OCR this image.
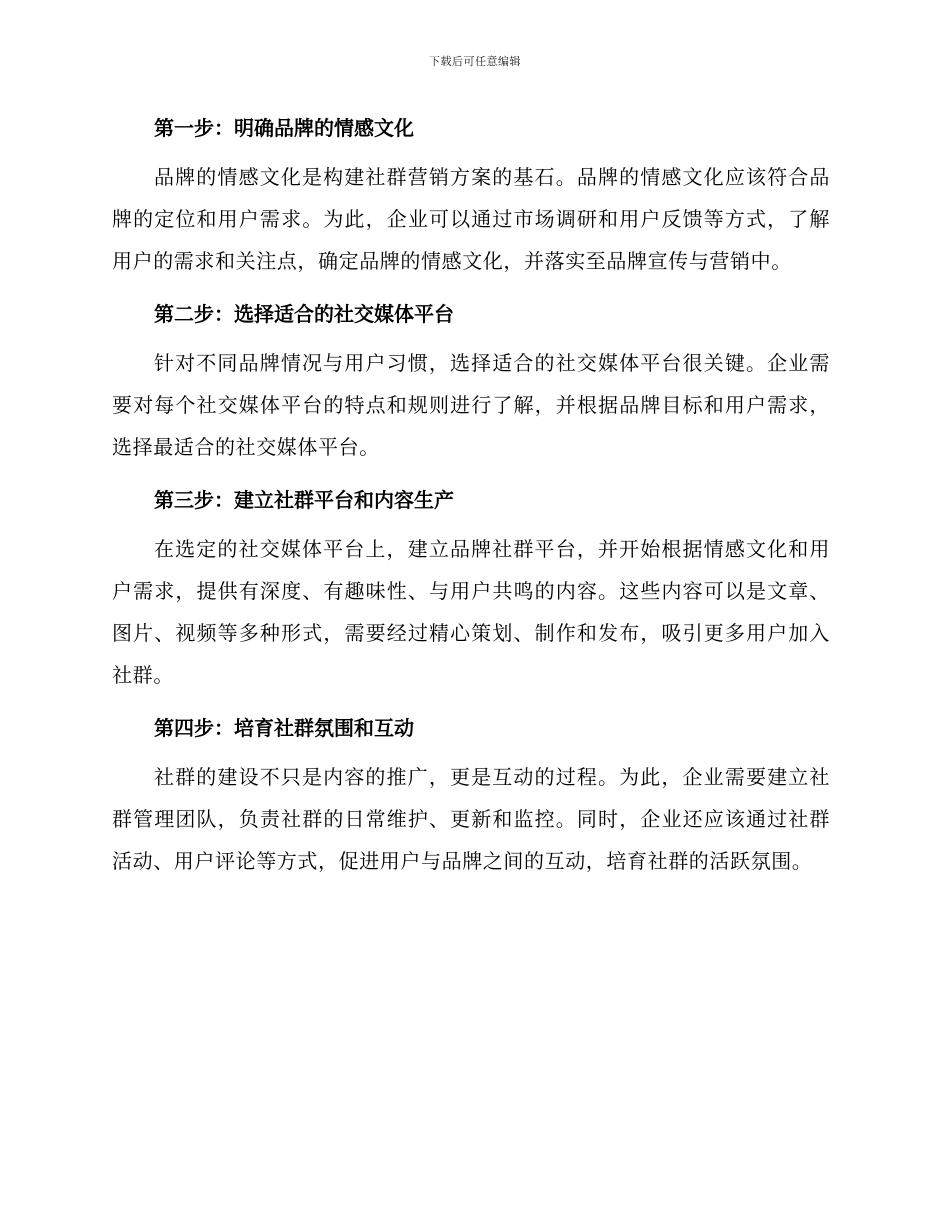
下载后可任意编辑
第一步：明确品牌的情感文化

品牌的情感文化是构建社群营销方案的基石。品牌的情感文化应该符合品牌的定位和用户需求。为此，企业可以通过市场调研和用户反馈等方式，了解用户的需求和关注点，确定品牌的情感文化，并落实至品牌宣传与营销中。

第二步：选择适合的社交媒体平台

针对不同品牌情况与用户习惯，选择适合的社交媒体平台很关键。企业需要对每个社交媒体平台的特点和规则进行了解，并根据品牌目标和用户需求，选择最适合的社交媒体平台。

第三步：建立社群平台和内容生产

在选定的社交媒体平台上，建立品牌社群平台，并开始根据情感文化和用户需求，提供有深度、有趣味性、与用户共鸣的内容。这些内容可以是文章、图片、视频等多种形式，需要经过精心策划、制作和发布，吸引更多用户加入社群。

第四步：培育社群氛围和互动

社群的建设不只是内容的推广，更是互动的过程。为此，企业需要建立社群管理团队，负责社群的日常维护、更新和监控。同时，企业还应该通过社群活动、用户评论等方式，促进用户与品牌之间的互动，培育社群的活跃氛围。
